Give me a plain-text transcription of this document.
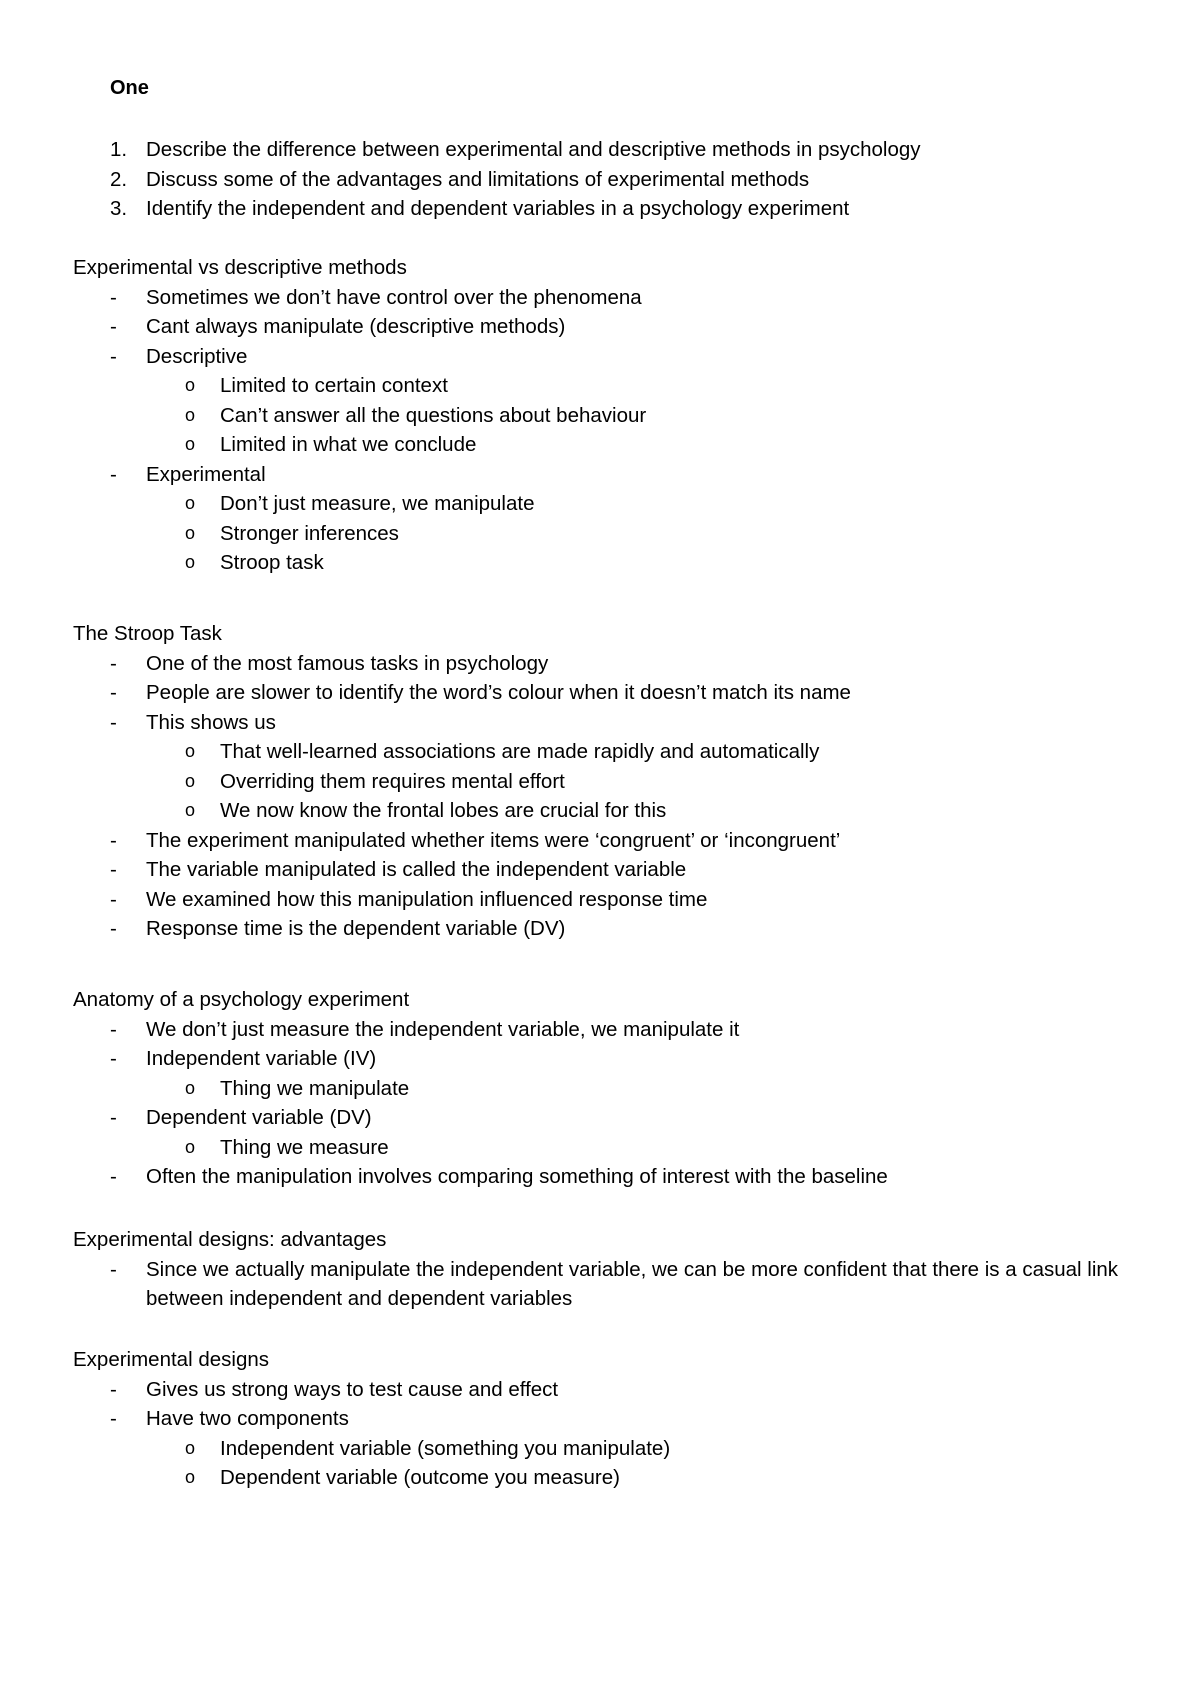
One
1. Describe the difference between experimental and descriptive methods in psychology
2. Discuss some of the advantages and limitations of experimental methods
3. Identify the independent and dependent variables in a psychology experiment

Experimental vs descriptive methods

- Sometimes we don’t have control over the phenomena
- Cant always manipulate (descriptive methods)
- Descriptive
o Limited to certain context
o Can’t answer all the questions about behaviour
o Limited in what we conclude
- Experimental
o Don’t just measure, we manipulate
o Stronger inferences
o Stroop task

The Stroop Task

- One of the most famous tasks in psychology
- People are slower to identify the word’s colour when it doesn’t match its name
- This shows us
o That well-learned associations are made rapidly and automatically
o Overriding them requires mental effort
o We now know the frontal lobes are crucial for this
- The experiment manipulated whether items were ‘congruent’ or ‘incongruent’
- The variable manipulated is called the independent variable
- We examined how this manipulation influenced response time
- Response time is the dependent variable (DV)

Anatomy of a psychology experiment

- We don’t just measure the independent variable, we manipulate it
- Independent variable (IV)
o Thing we manipulate
- Dependent variable (DV)
o Thing we measure
- Often the manipulation involves comparing something of interest with the baseline

Experimental designs: advantages

- Since we actually manipulate the independent variable, we can be more confident that there is a casual link between independent and dependent variables

Experimental designs

- Gives us strong ways to test cause and effect
- Have two components
o Independent variable (something you manipulate)
o Dependent variable (outcome you measure)
